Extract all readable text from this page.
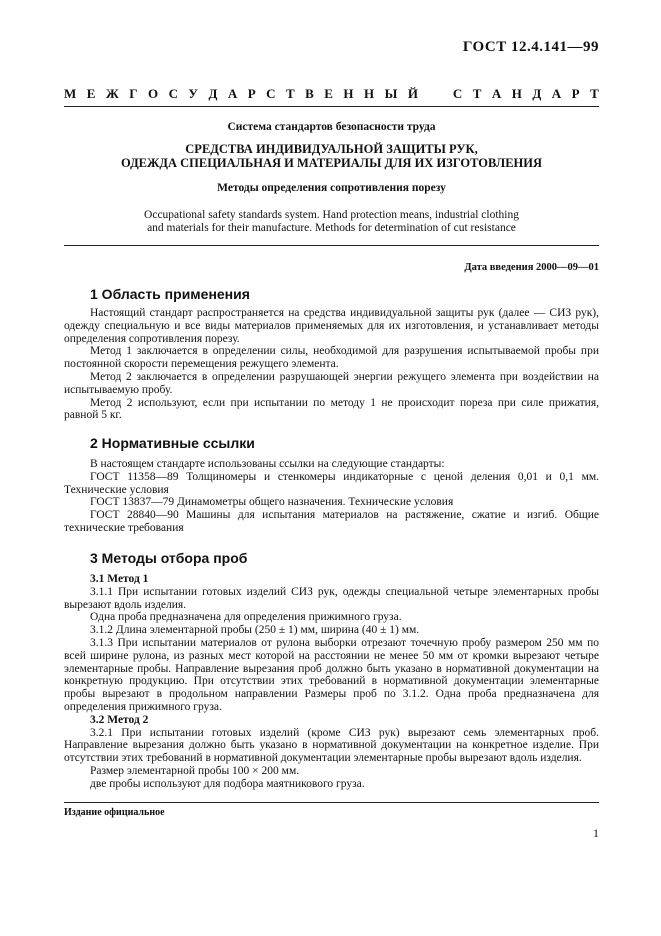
ГОСТ 12.4.141—99
М Е Ж Г О С У Д А Р С Т В Е Н Н Ы Й	С Т А Н Д А Р Т
Система стандартов безопасности труда
СРЕДСТВА ИНДИВИДУАЛЬНОЙ ЗАЩИТЫ РУК,
ОДЕЖДА СПЕЦИАЛЬНАЯ И МАТЕРИАЛЫ ДЛЯ ИХ ИЗГОТОВЛЕНИЯ
Методы определения сопротивления порезу
Occupational safety standards system. Hand protection means, industrial clothing
and materials for their manufacture. Methods for determination of cut resistance
Дата введения 2000—09—01
1 Область применения

Настоящий стандарт распространяется на средства индивидуальной защиты рук (далее — СИЗ рук), одежду специальную и все виды материалов применяемых для их изготовления, и устанавливает методы определения сопротивления порезу.

Метод 1 заключается в определении силы, необходимой для разрушения испытываемой пробы при постоянной скорости перемещения режущего элемента.

Метод 2 заключается в определении разрушающей энергии режущего элемента при воздействии на испытываемую пробу.

Метод 2 используют, если при испытании по методу 1 не происходит пореза при силе прижатия, равной 5 кг.

2 Нормативные ссылки

В настоящем стандарте использованы ссылки на следующие стандарты:

ГОСТ 11358—89 Толщиномеры и стенкомеры индикаторные с ценой деления 0,01 и 0,1 мм. Технические условия

ГОСТ 13837—79 Динамометры общего назначения. Технические условия

ГОСТ 28840—90 Машины для испытания материалов на растяжение, сжатие и изгиб. Общие технические требования

3 Методы отбора проб

3.1 Метод 1

3.1.1 При испытании готовых изделий СИЗ рук, одежды специальной четыре элементарных пробы вырезают вдоль изделия.

Одна проба предназначена для определения прижимного груза.

3.1.2 Длина элементарной пробы (250 ± 1) мм, ширина (40 ± 1) мм.

3.1.3 При испытании материалов от рулона выборки отрезают точечную пробу размером 250 мм по всей ширине рулона, из разных мест которой на расстоянии не менее 50 мм от кромки вырезают четыре элементарные пробы. Направление вырезания проб должно быть указано в нормативной документации на конкретную продукцию. При отсутствии этих требований в нормативной документации элементарные пробы вырезают в продольном направлении Размеры проб по 3.1.2. Одна проба предназначена для определения прижимного груза.

3.2 Метод 2

3.2.1 При испытании готовых изделий (кроме СИЗ рук) вырезают семь элементарных проб. Направление вырезания должно быть указано в нормативной документации на конкретное изделие. При отсутствии этих требований в нормативной документации элементарные пробы вырезают вдоль изделия.

Размер элементарной пробы 100 × 200 мм.

две пробы используют для подбора маятникового груза.

Издание официальное
1
